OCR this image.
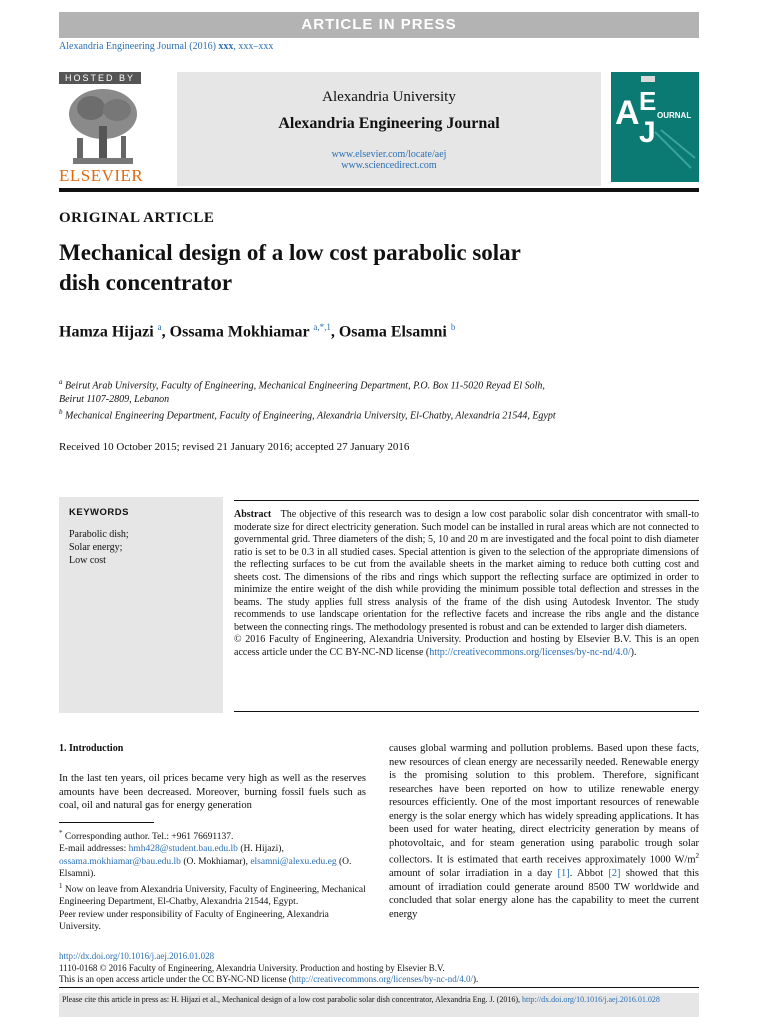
ARTICLE IN PRESS
Alexandria Engineering Journal (2016) xxx, xxx–xxx
HOSTED BY
ELSEVIER
Alexandria University
Alexandria Engineering Journal
www.elsevier.com/locate/aej
www.sciencedirect.com
A E
J
OURNAL
ORIGINAL ARTICLE
Mechanical design of a low cost parabolic solar
dish concentrator
Hamza Hijazi $^a$, Ossama Mokhiamar $^{a,*,1}$, Osama Elsamni $^b$
$^a$ Beirut Arab University, Faculty of Engineering, Mechanical Engineering Department, P.O. Box 11-5020 Reyad El Solh,
Beirut 1107-2809, Lebanon
$^b$ Mechanical Engineering Department, Faculty of Engineering, Alexandria University, El-Chatby, Alexandria 21544, Egypt
Received 10 October 2015; revised 21 January 2016; accepted 27 January 2016
KEYWORDS
Parabolic dish;
Solar energy;
Low cost
Abstract The objective of this research was to design a low cost parabolic solar dish concentrator with small-to moderate size for direct electricity generation. Such model can be installed in rural areas which are not connected to governmental grid. Three diameters of the dish; 5, 10 and 20 m are investigated and the focal point to dish diameter ratio is set to be 0.3 in all studied cases. Special attention is given to the selection of the appropriate dimensions of the reflecting surfaces to be cut from the available sheets in the market aiming to reduce both cutting cost and sheets cost. The dimensions of the ribs and rings which support the reflecting surface are optimized in order to minimize the entire weight of the dish while providing the minimum possible total deflection and stresses in the beams. The study applies full stress analysis of the frame of the dish using Autodesk Inventor. The study recommends to use landscape orientation for the reflective facets and increase the ribs angle and the distance between the connecting rings. The methodology presented is robust and can be extended to larger dish diameters.
© 2016 Faculty of Engineering, Alexandria University. Production and hosting by Elsevier B.V. This is an open access article under the CC BY-NC-ND license (http://creativecommons.org/licenses/by-nc-nd/4.0/).
1. Introduction
In the last ten years, oil prices became very high as well as the reserves amounts have been decreased. Moreover, burning fossil fuels such as coal, oil and natural gas for energy generation
* Corresponding author. Tel.: +961 76691137.
E-mail addresses: hmh428@student.bau.edu.lb (H. Hijazi), ossama.mokhiamar@bau.edu.lb (O. Mokhiamar), elsamni@alexu.edu.eg (O. Elsamni).
$^1$ Now on leave from Alexandria University, Faculty of Engineering, Mechanical Engineering Department, El-Chatby, Alexandria 21544, Egypt.
Peer review under responsibility of Faculty of Engineering, Alexandria University.
causes global warming and pollution problems. Based upon these facts, new resources of clean energy are necessarily needed. Renewable energy is the promising solution to this problem. Therefore, significant researches have been reported on how to utilize renewable energy resources efficiently. One of the most important resources of renewable energy is the solar energy which has widely spreading applications. It has been used for water heating, direct electricity generation by means of photovoltaic, and for steam generation using parabolic trough solar collectors. It is estimated that earth receives approximately 1000 $W/m^2$ amount of solar irradiation in a day [1]. Abbot [2] showed that this amount of irradiation could generate around 8500 TW worldwide and concluded that solar energy alone has the capability to meet the current energy
http://dx.doi.org/10.1016/j.aej.2016.01.028
1110-0168 © 2016 Faculty of Engineering, Alexandria University. Production and hosting by Elsevier B.V.
This is an open access article under the CC BY-NC-ND license (http://creativecommons.org/licenses/by-nc-nd/4.0/).
Please cite this article in press as: H. Hijazi et al., Mechanical design of a low cost parabolic solar dish concentrator, Alexandria Eng. J. (2016), http://dx.doi.org/10.1016/j.aej.2016.01.028
